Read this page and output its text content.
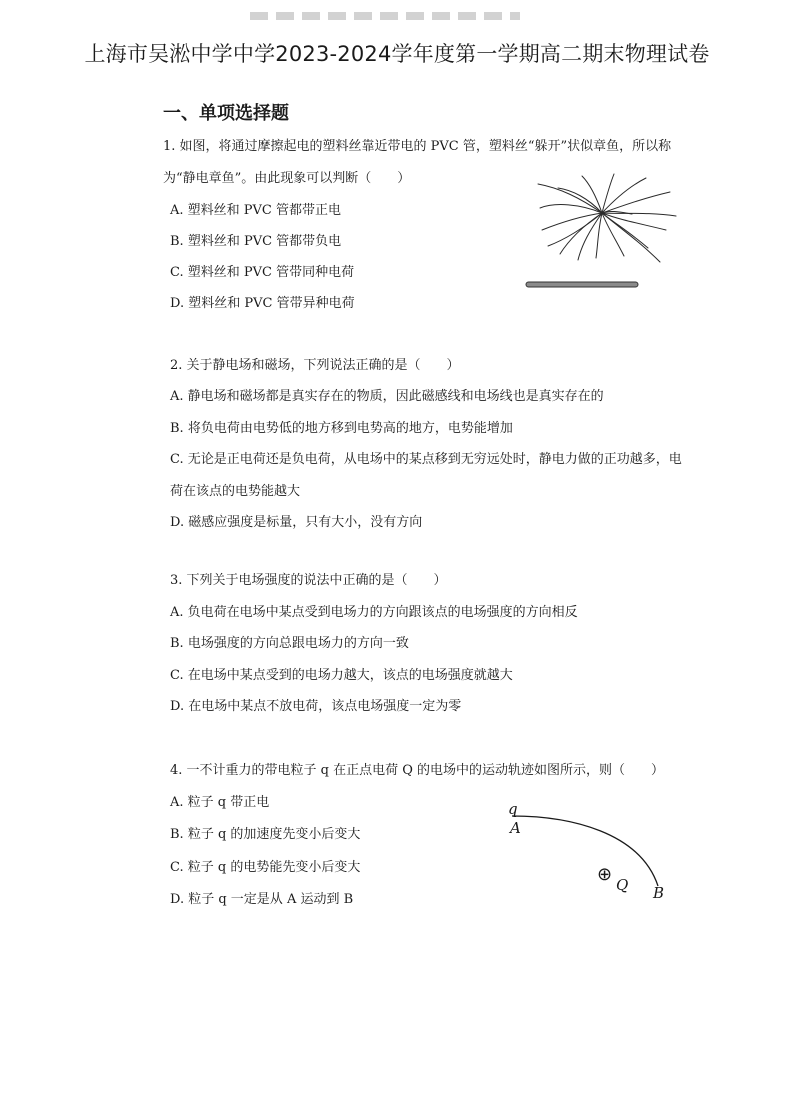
上海市吴淞中学中学2023-2024学年度第一学期高二期末物理试卷
一、单项选择题
1. 如图，将通过摩擦起电的塑料丝靠近带电的 PVC 管，塑料丝“躲开”状似章鱼，所以称
为“静电章鱼”。由此现象可以判断（　　）
A. 塑料丝和 PVC 管都带正电
B. 塑料丝和 PVC 管都带负电
C. 塑料丝和 PVC 管带同种电荷
D. 塑料丝和 PVC 管带异种电荷
2. 关于静电场和磁场，下列说法正确的是（　　）
A. 静电场和磁场都是真实存在的物质，因此磁感线和电场线也是真实存在的
B. 将负电荷由电势低的地方移到电势高的地方，电势能增加
C. 无论是正电荷还是负电荷，从电场中的某点移到无穷远处时，静电力做的正功越多，电
荷在该点的电势能越大
D. 磁感应强度是标量，只有大小，没有方向
3. 下列关于电场强度的说法中正确的是（　　）
A. 负电荷在电场中某点受到电场力的方向跟该点的电场强度的方向相反
B. 电场强度的方向总跟电场力的方向一致
C. 在电场中某点受到的电场力越大，该点的电场强度就越大
D. 在电场中某点不放电荷，该点电场强度一定为零
4. 一不计重力的带电粒子 q 在正点电荷 Q 的电场中的运动轨迹如图所示，则（　　）
A. 粒子 q 带正电
B. 粒子 q 的加速度先变小后变大
C. 粒子 q 的电势能先变小后变大
D. 粒子 q 一定是从 A 运动到 B
q
A
⊕ Q B
